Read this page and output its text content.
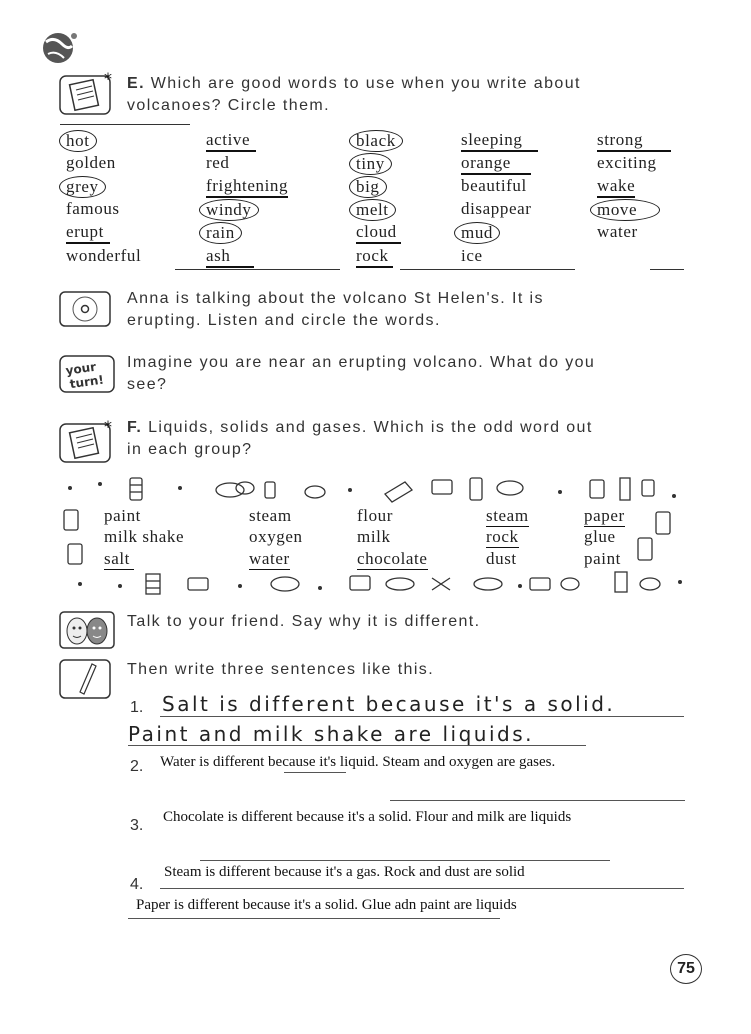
* E. Which are good words to use when you write about
volcanoes? Circle them.
hot
golden
grey
famous
erupt
wonderful
active
red
frightening
windy
rain
ash
black
tiny
big
melt
cloud
rock
sleeping
orange
beautiful
disappear
mud
ice
strong
exciting
wake
move
water
Anna is talking about the volcano St Helen's. It is
erupting. Listen and circle the words.
your
turn!
Imagine you are near an erupting volcano. What do you
see?
* F. Liquids, solids and gases. Which is the odd word out
in each group?
paint
milk shake
salt
steam
oxygen
water
flour
milk
chocolate
steam
rock
dust
paper
glue
paint
Talk to your friend. Say why it is different.
Then write three sentences like this.
1. Salt is different because it's a solid.
Paint and milk shake are liquids.
2. Water is different because it's liquid. Steam and oxygen are gases.
3. Chocolate is different because it's a solid. Flour and milk are liquids
4.
Steam is different because it's a gas. Rock and dust are solid
Paper is different because it's a solid. Glue adn paint are liquids
75
